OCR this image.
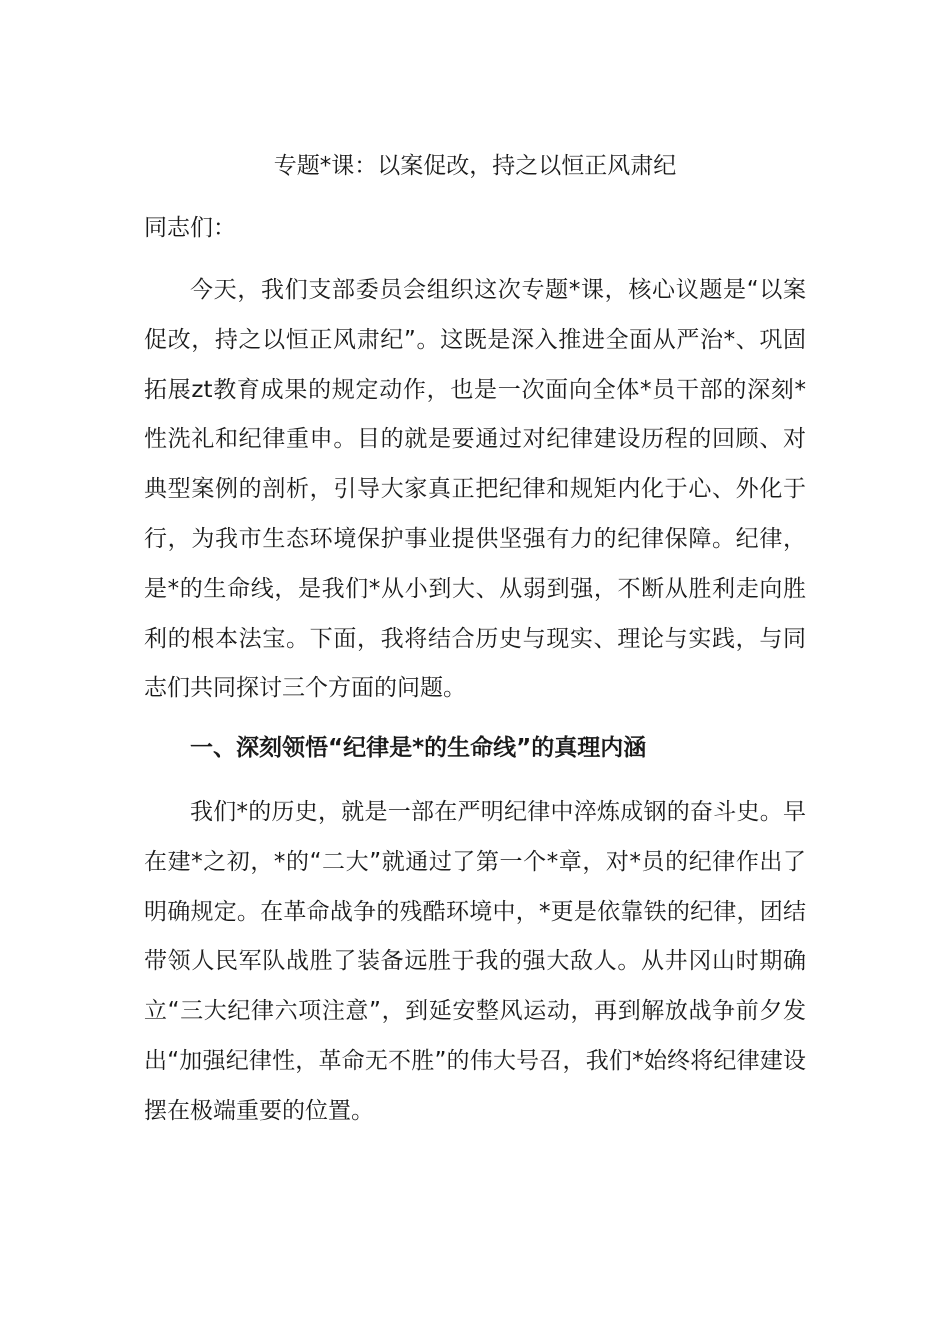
专题*课：以案促改，持之以恒正风肃纪
同志们：

今天，我们支部委员会组织这次专题*课，核心议题是“以案促改，持之以恒正风肃纪”。这既是深入推进全面从严治*、巩固拓展zt教育成果的规定动作，也是一次面向全体*员干部的深刻*性洗礼和纪律重申。目的就是要通过对纪律建设历程的回顾、对典型案例的剖析，引导大家真正把纪律和规矩内化于心、外化于行，为我市生态环境保护事业提供坚强有力的纪律保障。纪律，是*的生命线，是我们*从小到大、从弱到强，不断从胜利走向胜利的根本法宝。下面，我将结合历史与现实、理论与实践，与同志们共同探讨三个方面的问题。

一、深刻领悟“纪律是*的生命线”的真理内涵

我们*的历史，就是一部在严明纪律中淬炼成钢的奋斗史。早在建*之初，*的“二大”就通过了第一个*章，对*员的纪律作出了明确规定。在革命战争的残酷环境中，*更是依靠铁的纪律，团结带领人民军队战胜了装备远胜于我的强大敌人。从井冈山时期确立“三大纪律六项注意”，到延安整风运动，再到解放战争前夕发出“加强纪律性，革命无不胜”的伟大号召，我们*始终将纪律建设摆在极端重要的位置。
